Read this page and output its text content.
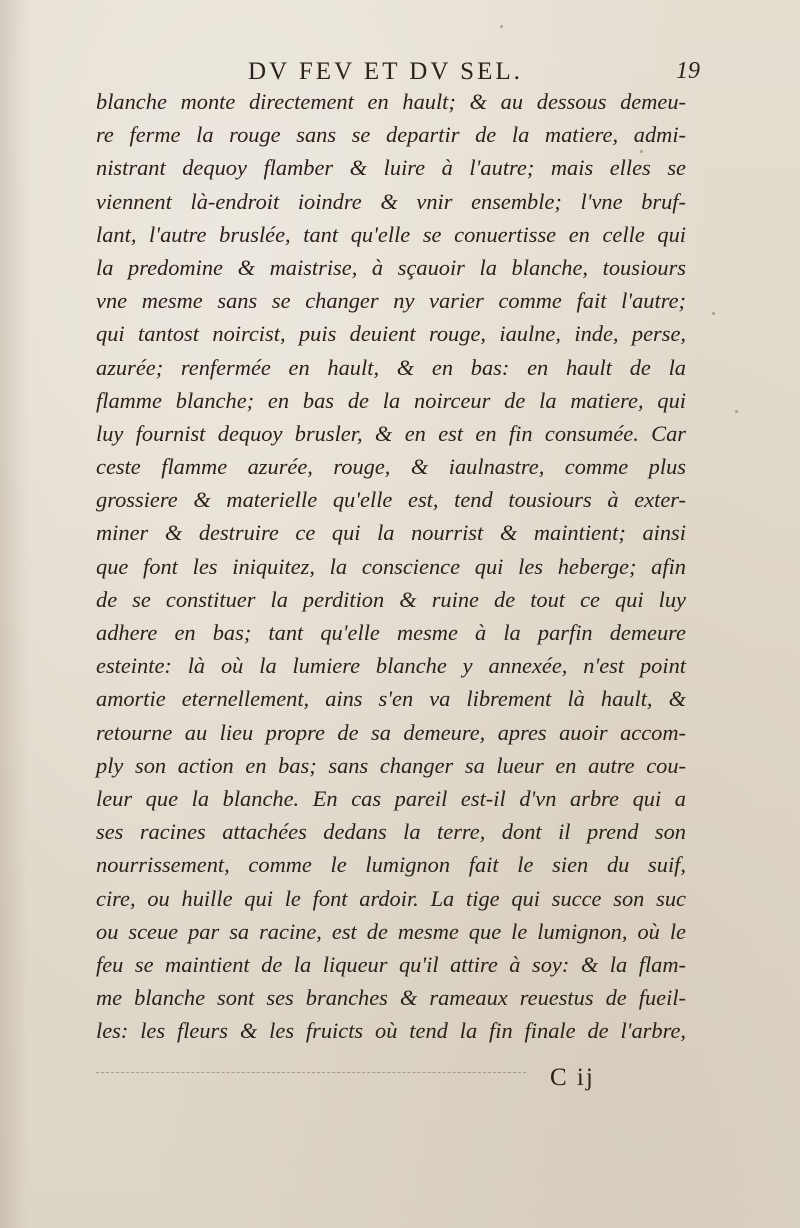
DV FEV ET DV SEL.	19
blanche monte directement en hault; & au dessous demeu-
re ferme la rouge sans se departir de la matiere, admi-
nistrant dequoy flamber & luire à l'autre; mais elles se
viennent là-endroit ioindre & vnir ensemble; l'vne bruf-
lant, l'autre bruslée, tant qu'elle se conuertisse en celle qui
la predomine & maistrise, à sçauoir la blanche, tousiours
vne mesme sans se changer ny varier comme fait l'autre;
qui tantost noircist, puis deuient rouge, iaulne, inde, perse,
azurée; renfermée en hault, & en bas: en hault de la
flamme blanche; en bas de la noirceur de la matiere, qui
luy fournist dequoy brusler, & en est en fin consumée. Car
ceste flamme azurée, rouge, & iaulnastre, comme plus
grossiere & materielle qu'elle est, tend tousiours à exter-
miner & destruire ce qui la nourrist & maintient; ainsi
que font les iniquitez, la conscience qui les heberge; afin
de se constituer la perdition & ruine de tout ce qui luy
adhere en bas; tant qu'elle mesme à la parfin demeure
esteinte: là où la lumiere blanche y annexée, n'est point
amortie eternellement, ains s'en va librement là hault, &
retourne au lieu propre de sa demeure, apres auoir accom-
ply son action en bas; sans changer sa lueur en autre cou-
leur que la blanche. En cas pareil est-il d'vn arbre qui a
ses racines attachées dedans la terre, dont il prend son
nourrissement, comme le lumignon fait le sien du suif,
cire, ou huille qui le font ardoir. La tige qui succe son suc
ou sceue par sa racine, est de mesme que le lumignon, où le
feu se maintient de la liqueur qu'il attire à soy: & la flam-
me blanche sont ses branches & rameaux reuestus de fueil-
les: les fleurs & les fruicts où tend la fin finale de l'arbre,
C ij
